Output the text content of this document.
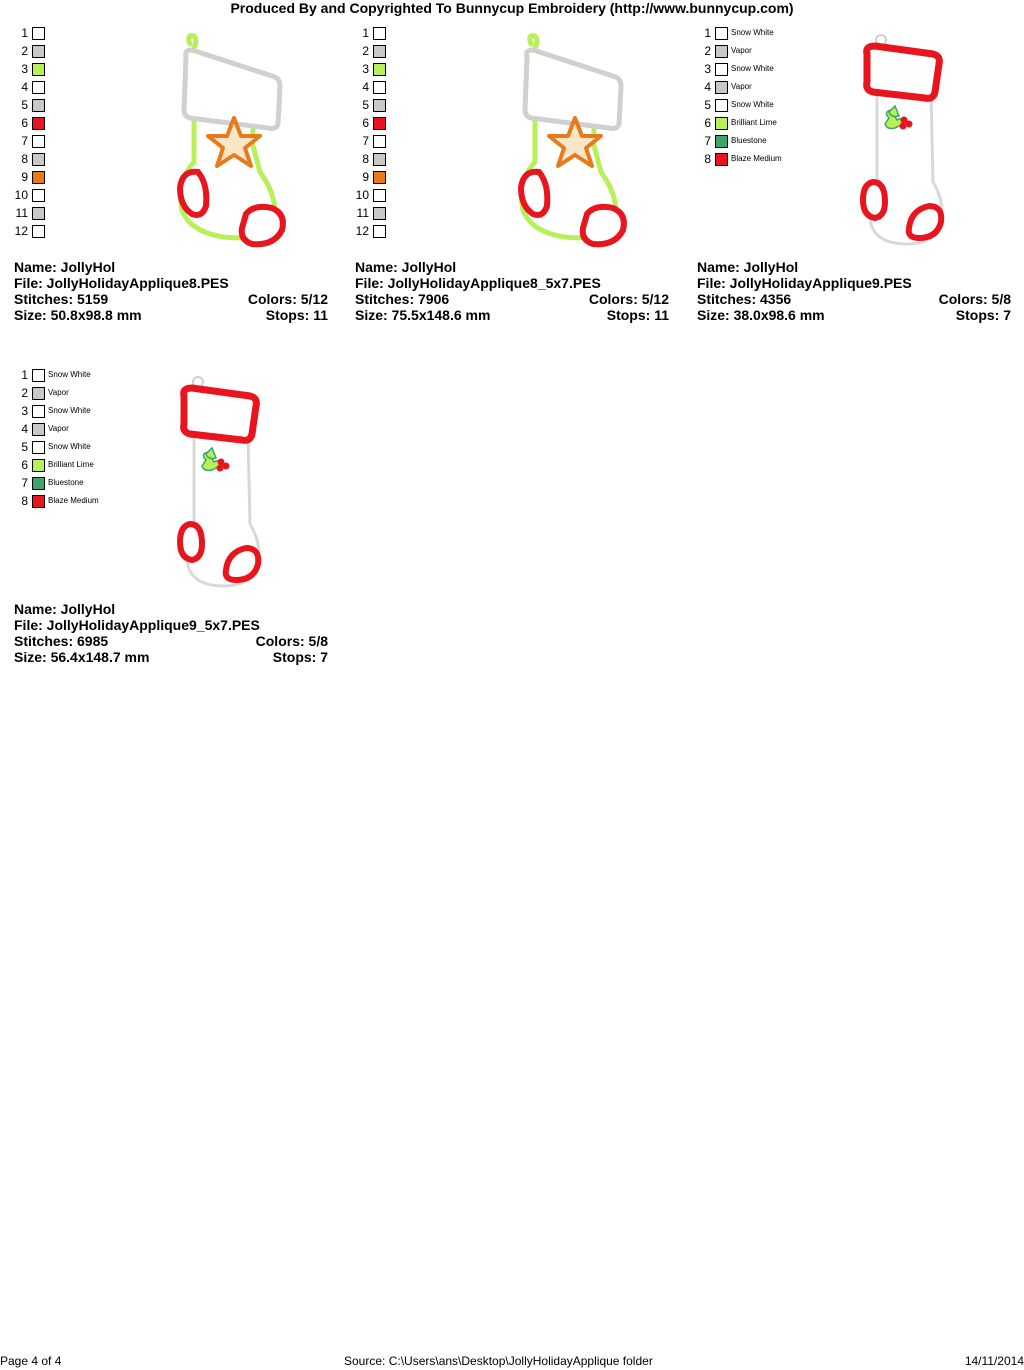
Produced By and Copyrighted To Bunnycup Embroidery (http://www.bunnycup.com)
1
2
3
4
5
6
7
8
9
10
11
12
Name: JollyHol
File: JollyHolidayApplique8.PES
Stitches: 5159	Colors: 5/12
Size: 50.8x98.8 mm	Stops: 11
1
2
3
4
5
6
7
8
9
10
11
12
Name: JollyHol
File: JollyHolidayApplique8_5x7.PES
Stitches: 7906	Colors: 5/12
Size: 75.5x148.6 mm	Stops: 11
1	Snow White
2	Vapor
3	Snow White
4	Vapor
5	Snow White
6	Brilliant Lime
7	Bluestone
8	Blaze Medium
Name: JollyHol
File: JollyHolidayApplique9.PES
Stitches: 4356	Colors: 5/8
Size: 38.0x98.6 mm	Stops: 7
1	Snow White
2	Vapor
3	Snow White
4	Vapor
5	Snow White
6	Brilliant Lime
7	Bluestone
8	Blaze Medium
Name: JollyHol
File: JollyHolidayApplique9_5x7.PES
Stitches: 6985	Colors: 5/8
Size: 56.4x148.7 mm	Stops: 7
Page 4 of 4	Source: C:\Users\ans\Desktop\JollyHolidayApplique folder	14/11/2014
